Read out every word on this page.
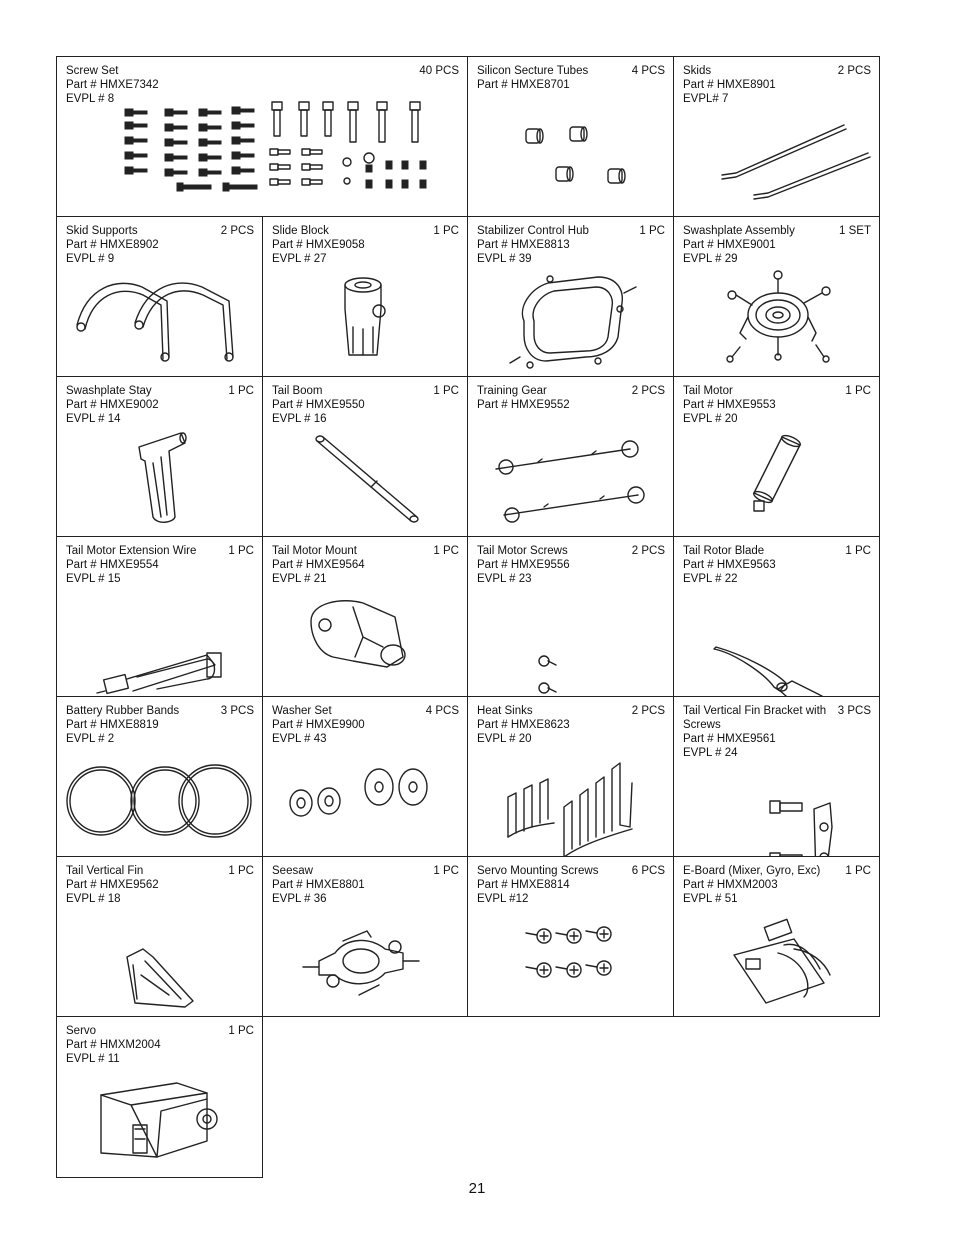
Screw Set	40 PCS
Part # HMXE7342
EVPL # 8
Silicon Secture Tubes	4 PCS
Part # HMXE8701
Skids	2 PCS
Part # HMXE8901
EVPL# 7
Skid Supports	2 PCS
Part # HMXE8902
EVPL # 9
Slide Block	1 PC
Part # HMXE9058
EVPL # 27
Stabilizer Control Hub	1 PC
Part # HMXE8813
EVPL # 39
Swashplate Assembly	1 SET
Part # HMXE9001
EVPL # 29
Swashplate Stay	1 PC
Part # HMXE9002
EVPL # 14
Tail Boom	1 PC
Part # HMXE9550
EVPL # 16
Training Gear	2 PCS
Part # HMXE9552
Tail Motor	1 PC
Part # HMXE9553
EVPL # 20
Tail Motor Extension Wire	1 PC
Part # HMXE9554
EVPL # 15
Tail Motor Mount	1 PC
Part # HMXE9564
EVPL # 21
Tail Motor Screws	2 PCS
Part # HMXE9556
EVPL # 23
Tail Rotor Blade	1 PC
Part # HMXE9563
EVPL # 22
Battery Rubber Bands	3 PCS
Part # HMXE8819
EVPL # 2
Washer Set	4 PCS
Part # HMXE9900
EVPL # 43
Heat Sinks	2 PCS
Part # HMXE8623
EVPL # 20
Tail Vertical Fin Bracket with Screws
3 PCS
Part # HMXE9561
EVPL # 24
Tail Vertical Fin	1 PC
Part # HMXE9562
EVPL # 18
Seesaw	1 PC
Part # HMXE8801
EVPL # 36
Servo Mounting Screws	6 PCS
Part # HMXE8814
EVPL #12
E-Board (Mixer, Gyro, Exc)	1 PC
Part # HMXM2003
EVPL # 51
Servo	1 PC
Part # HMXM2004
EVPL # 11
21
